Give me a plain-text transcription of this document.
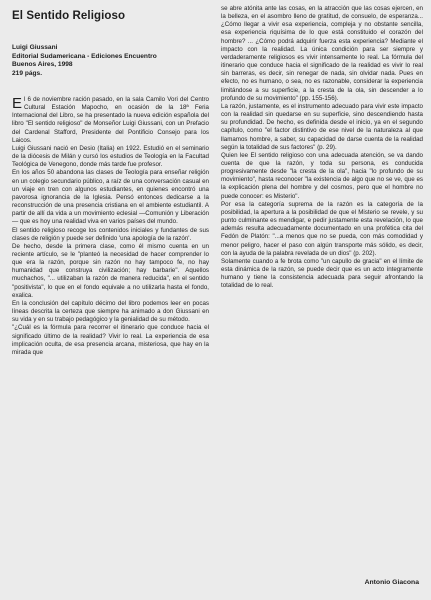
El Sentido Religioso
Luigi Giussani
Editorial Sudamericana - Ediciones Encuentro
Buenos Aires, 1998
219 págs.

El 6 de noviembre ración pasado, en la sala Camilo Vori del Centro Cultural Estación Mapocho, en ocasión de la 18ª Feria Internacional del Libro, se ha presentado la nueva edición española del libro "El sentido religioso" de Monseñor Luigi Giussani, con un Prefacio del Cardenal Stafford, Presidente del Pontificio Consejo para los Laicos.

Luigi Giussani nació en Desio (Italia) en 1922. Estudió en el seminario de la diócesis de Milán y cursó los estudios de Teología en la Facultad Teológica de Venegono, donde más tarde fue profesor.

En los años 50 abandona las clases de Teología para enseñar religión en un colegio secundario público, a raíz de una conversación casual en un viaje en tren con algunos estudiantes, en quienes encontró una pavorosa ignorancia de la Iglesia. Pensó entonces dedicarse a la reconstrucción de una presencia cristiana en el ambiente estudiantil. A partir de allí da vida a un movimiento eclesial —Comunión y Liberación— que es hoy una realidad viva en varios países del mundo.

El sentido religioso recoge los contenidos iniciales y fundantes de sus clases de religión y puede ser definido 'una apología de la razón'.

De hecho, desde la primera clase, como él mismo cuenta en un reciente artículo, se le "planteó la necesidad de hacer comprender lo que era la razón, porque sin razón no hay tampoco fe, no hay humanidad que construya civilización; hay barbarie". Aquellos muchachos, "... utilizaban la razón de manera reducida", en el sentido "positivista", lo que en el fondo equivale a no utilizarla hasta el fondo, exalica.

En la conclusión del capítulo décimo del libro podemos leer en pocas líneas descrita la certeza que siempre ha animado a don Giussani en su vida y en su trabajo pedagógico y la genialidad de su método.

"¿Cuál es la fórmula para recorrer el itinerario que conduce hacia el significado último de la realidad? Vivir lo real. La experiencia de esa implicación oculta, de esa presencia arcana, misteriosa, que hay en la mirada que

se abre atónita ante las cosas, en la atracción que las cosas ejercen, en la belleza, en el asombro lleno de gratitud, de consuelo, de esperanza... ¿Cómo llegar a vivir esa experiencia, compleja y no obstante sencilla, esa experiencia riquísima de lo que está constituido el corazón del hombre? ... ¿Cómo podrá adquirir fuerza esta experiencia? Mediante el impacto con la realidad. La única condición para ser siempre y verdaderamente religiosos es vivir intensamente lo real. La fórmula del itinerario que conduce hacia el significado de la realidad es vivir lo real sin barreras, es decir, sin renegar de nada, sin olvidar nada. Pues en efecto, no es humano, o sea, no es razonable, considerar la experiencia limitándose a su superficie, a la cresta de la ola, sin descender a lo profundo de su movimiento" (pp. 155-156).

La razón, justamente, es el instrumento adecuado para vivir este impacto con la realidad sin quedarse en su superficie, sino descendiendo hasta su profundidad. De hecho, es definida desde el inicio, ya en el segundo capítulo, como "el factor distintivo de ese nivel de la naturaleza al que llamamos hombre, a saber, su capacidad de darse cuenta de la realidad según la totalidad de sus factores" (p. 29).

Quien lee El sentido religioso con una adecuada atención, se va dando cuenta de que la razón, y toda su persona, es conducida progresivamente desde "la cresta de la ola", hacia "lo profundo de su movimiento", hasta reconocer "la existencia de algo que no se ve, que es la explicación plena del hombre y del cosmos, pero que el hombre no puede conocer: es Misterio".

Por esa la categoría suprema de la razón es la categoría de la posibilidad, la apertura a la posibilidad de que el Misterio se revele, y su punto culminante es mendigar, e pedir justamente esta revelación, lo que además resulta adecuadamente documentado en una profética cita del Fedón de Platón: "...a menos que no se pueda, con más comodidad y menor peligro, hacer el paso con algún transporte más sólido, es decir, con la ayuda de la palabra revelada de un dios" (p. 202).

Solamente cuando a fe brota como "un capullo de gracia" en el límite de esta dinámica de la razón, se puede decir que es un acto íntegramente humano y tiene la consistencia adecuada para seguir afrontando la totalidad de lo real.

Antonio Giacona
